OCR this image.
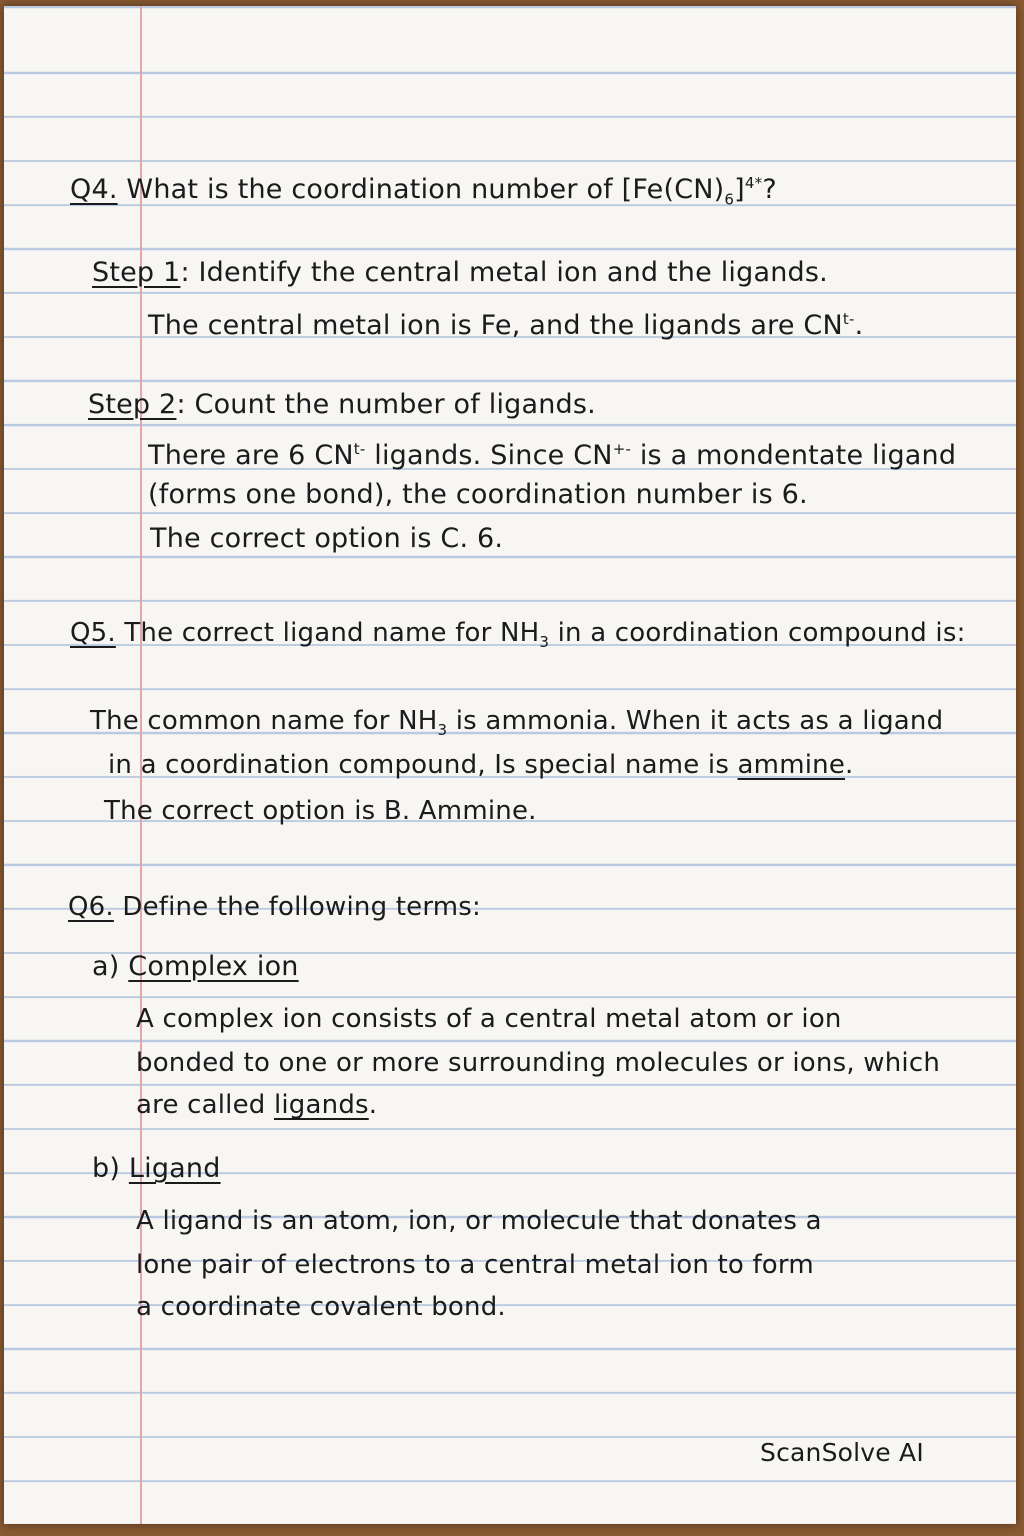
Q4. What is the coordination number of $[Fe(CN)_6]^{4*}$?

Step 1: Identify the central metal ion and the ligands.

The central metal ion is Fe, and the ligands are $CN^{t-}$.

Step 2: Count the number of ligands.

There are 6 $CN^{t-}$ ligands. Since CN+- is a mondentate ligand

(forms one bond), the coordination number is 6.

The correct option is C. 6.

Q5. The correct ligand name for $NH_3$ in a coordination compound is:

The common name for $NH_3$ is ammonia. When it acts as a ligand

in a coordination compound, Is special name is ammine.

The correct option is B. Ammine.

Q6. Define the following terms:

a) Complex ion

A complex ion consists of a central metal atom or ion

bonded to one or more surrounding molecules or ions, which

are called ligands.

b) Ligand

A ligand is an atom, ion, or molecule that donates a

lone pair of electrons to a central metal ion to form

a coordinate covalent bond.

ScanSolve AI
